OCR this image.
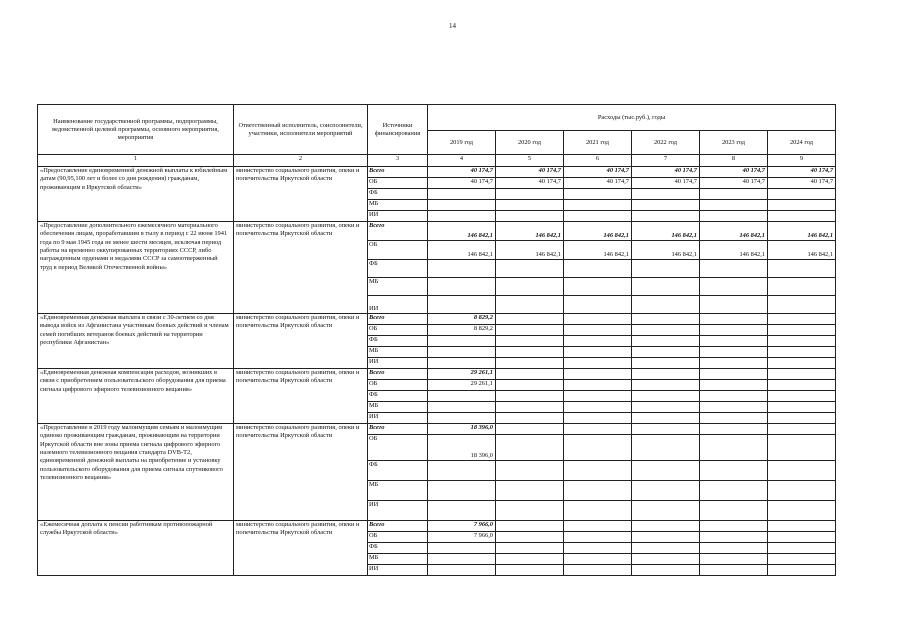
14
Наименование государственной программы, подпрограммы, ведомственной целевой программы, основного мероприятия, мероприятия	Ответственный исполнитель, соисполнители, участники, исполнители мероприятий	Источники финансирования	Расходы (тыс.руб.), годы					
			2019 год	2020 год	2021 год	2022 год	2023 год	2024 год
1	2	3	4	5	6	7	8	9
«Предоставление единовременной денежной выплаты к юбилейным датам (90,95,100 лет и более со дня рождения) гражданам, проживающим в Иркутской области»	министерство социального развития, опеки и попечительства Иркутской области	Всего	40 174,7	40 174,7	40 174,7	40 174,7	40 174,7	40 174,7
		ОБ	40 174,7	40 174,7	40 174,7	40 174,7	40 174,7	40 174,7
		ФБ						
		МБ						
		ИИ						
«Предоставление дополнительного ежемесячного материального обеспечения лицам, проработавшим в тылу в период с 22 июня 1941 года по 9 мая 1945 года не менее шести месяцев, исключая период работы на временно оккупированных территориях СССР, либо награжденным орденами и медалями СССР за самоотверженный труд в период Великой Отечественной войны»	министерство социального развития, опеки и попечительства Иркутской области	Всего	146 842,1	146 842,1	146 842,1	146 842,1	146 842,1	146 842,1
		ОБ	146 842,1	146 842,1	146 842,1	146 842,1	146 842,1	146 842,1
		ФБ						
		МБ						
		ИИ						
«Единовременная денежная выплата в связи с 30-летием со дня вывода войск из Афганистана участникам боевых действий и членам семей погибших ветеранов боевых действий на территории республики Афганистан»	министерство социального развития, опеки и попечительства Иркутской области	Всего	8 829,2					
		ОБ	8 829,2					
		ФБ						
		МБ						
		ИИ						
«Единовременная денежная компенсация расходов, возникших в связи с приобретением пользовательского оборудования для приема сигнала цифрового эфирного телевизионного вещания»	министерство социального развития, опеки и попечительства Иркутской области	Всего	29 261,1					
		ОБ	29 261,1					
		ФБ						
		МБ						
		ИИ						
«Предоставление в 2019 году малоимущим семьям и малоимущим одиноко проживающим гражданам, проживающим на территории Иркутской области вне зоны приема сигнала цифрового эфирного наземного телевизионного вещания стандарта DVB-T2, единовременной денежной выплаты на приобретение и установку пользовательского оборудования для приема сигнала спутникового телевизионного вещания»	министерство социального развития, опеки и попечительства Иркутской области	Всего	18 396,0					
		ОБ	18 396,0					
		ФБ						
		МБ						
		ИИ						
«Ежемесячная доплата к пенсии работникам противопожарной службы Иркутской области»	министерство социального развития, опеки и попечительства Иркутской области	Всего	7 966,0					
		ОБ	7 966,0					
		ФБ						
		МБ						
		ИИ						
